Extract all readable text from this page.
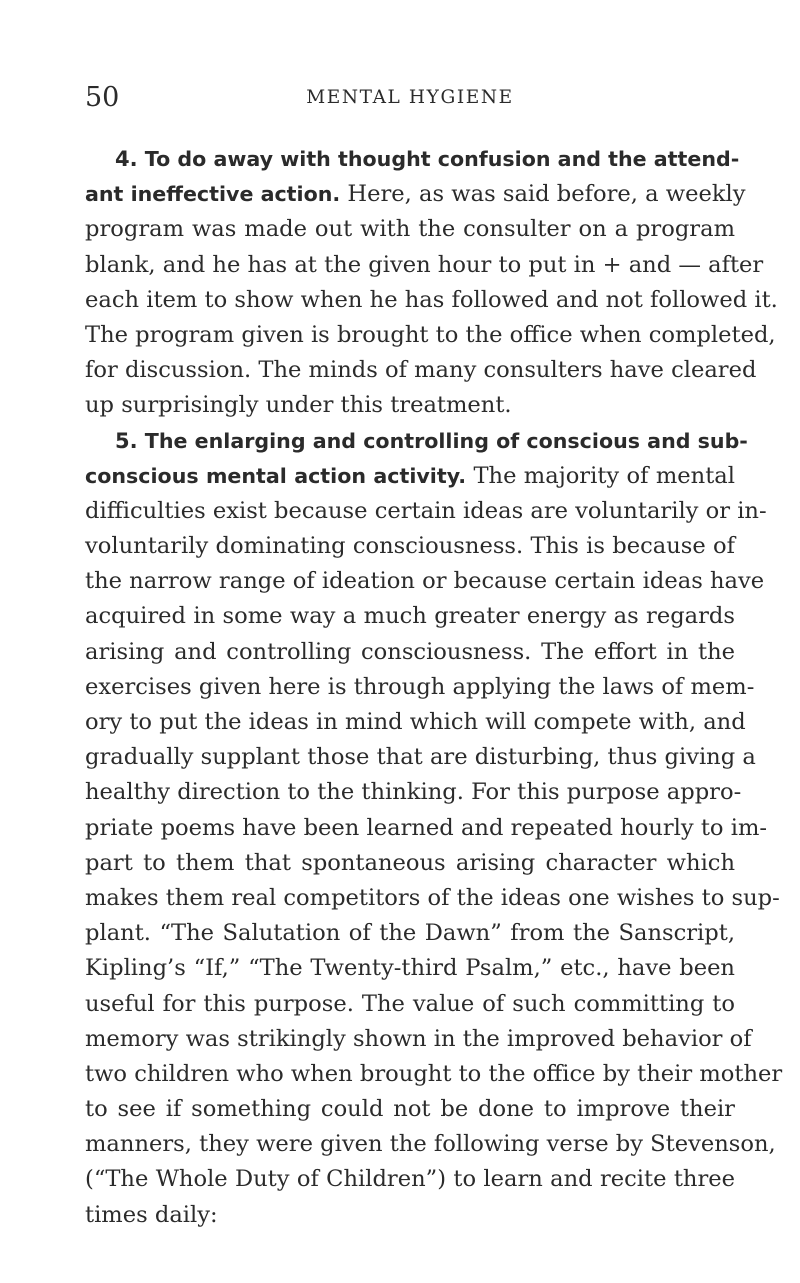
50	MENTAL HYGIENE
4. To do away with thought confusion and the attend-
ant ineffective action. Here, as was said before, a weekly
program was made out with the consulter on a program
blank, and he has at the given hour to put in + and — after
each item to show when he has followed and not followed it.
The program given is brought to the office when completed,
for discussion. The minds of many consulters have cleared
up surprisingly under this treatment.
5. The enlarging and controlling of conscious and sub-
conscious mental action activity. The majority of mental
difficulties exist because certain ideas are voluntarily or in-
voluntarily dominating consciousness. This is because of
the narrow range of ideation or because certain ideas have
acquired in some way a much greater energy as regards
arising and controlling consciousness. The effort in the
exercises given here is through applying the laws of mem-
ory to put the ideas in mind which will compete with, and
gradually supplant those that are disturbing, thus giving a
healthy direction to the thinking. For this purpose appro-
priate poems have been learned and repeated hourly to im-
part to them that spontaneous arising character which
makes them real competitors of the ideas one wishes to sup-
plant. “The Salutation of the Dawn” from the Sanscript,
Kipling’s “If,” “The Twenty-third Psalm,” etc., have been
useful for this purpose. The value of such committing to
memory was strikingly shown in the improved behavior of
two children who when brought to the office by their mother
to see if something could not be done to improve their
manners, they were given the following verse by Stevenson,
(“The Whole Duty of Children”) to learn and recite three
times daily:
